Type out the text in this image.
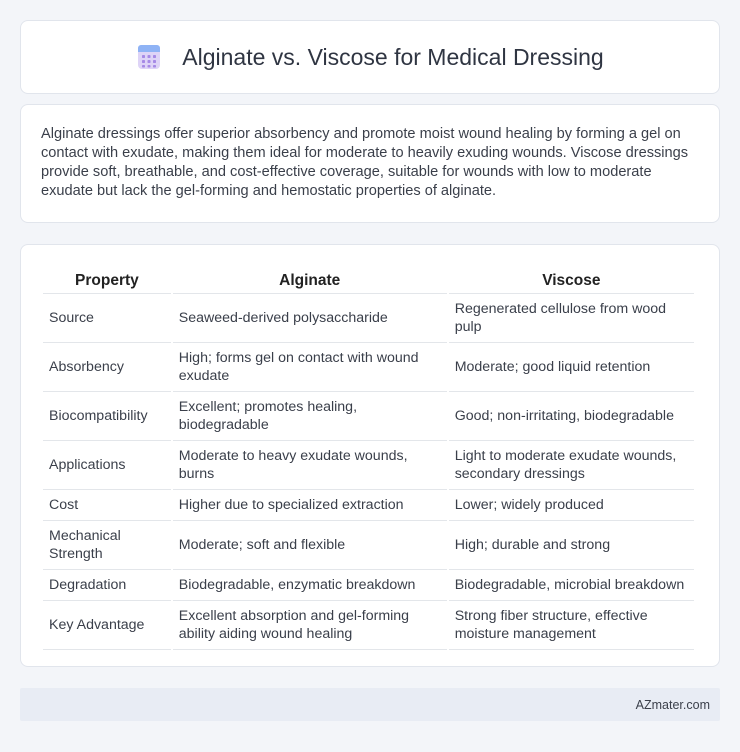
Alginate vs. Viscose for Medical Dressing

Alginate dressings offer superior absorbency and promote moist wound healing by forming a gel on contact with exudate, making them ideal for moderate to heavily exuding wounds. Viscose dressings provide soft, breathable, and cost-effective coverage, suitable for wounds with low to moderate exudate but lack the gel-forming and hemostatic properties of alginate.

Property	Alginate	Viscose
Source	Seaweed-derived polysaccharide	Regenerated cellulose from wood pulp
Absorbency	High; forms gel on contact with wound exudate	Moderate; good liquid retention
Biocompatibility	Excellent; promotes healing, biodegradable	Good; non-irritating, biodegradable
Applications	Moderate to heavy exudate wounds, burns	Light to moderate exudate wounds, secondary dressings
Cost	Higher due to specialized extraction	Lower; widely produced
Mechanical Strength	Moderate; soft and flexible	High; durable and strong
Degradation	Biodegradable, enzymatic breakdown	Biodegradable, microbial breakdown
Key Advantage	Excellent absorption and gel-forming ability aiding wound healing	Strong fiber structure, effective moisture management
AZmater.com
